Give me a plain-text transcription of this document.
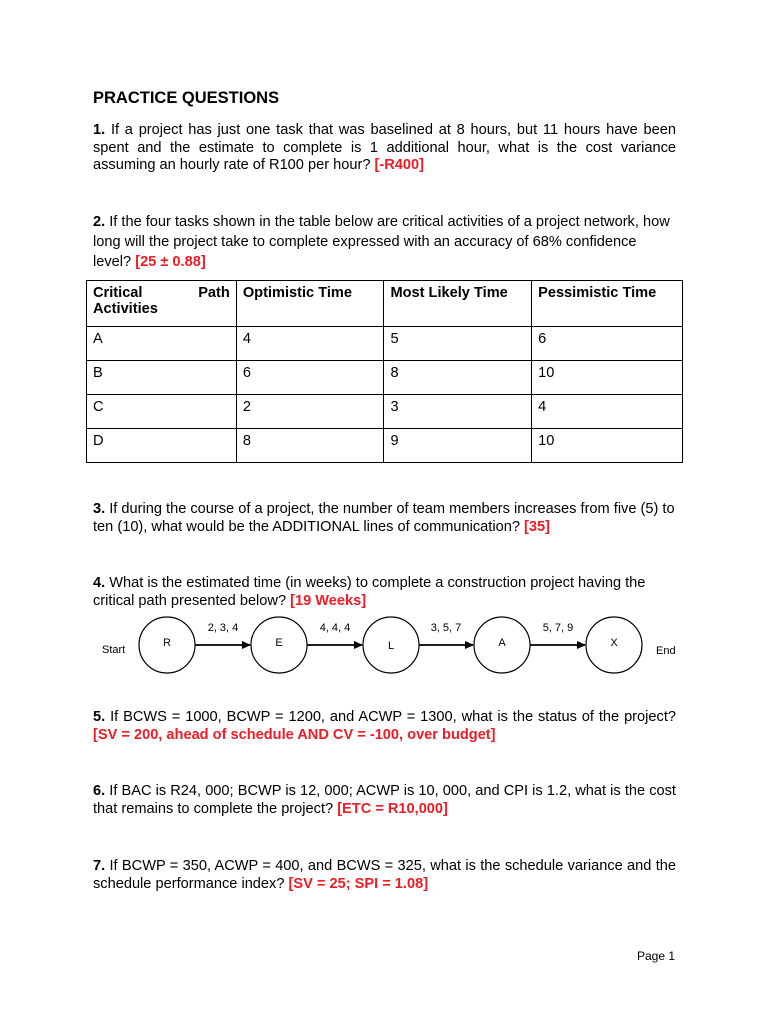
PRACTICE QUESTIONS
1. If a project has just one task that was baselined at 8 hours, but 11 hours have been spent and the estimate to complete is 1 additional hour, what is the cost variance assuming an hourly rate of R100 per hour? [-R400]
2. If the four tasks shown in the table below are critical activities of a project network, how long will the project take to complete expressed with an accuracy of 68% confidence level? [25 ± 0.88]
Critical Path
Activities	Optimistic Time	Most Likely Time	Pessimistic Time
A	4	5	6
B	6	8	10
C	2	3	4
D	8	9	10
3. If during the course of a project, the number of team members increases from five (5) to ten (10), what would be the ADDITIONAL lines of communication? [35]
4. What is the estimated time (in weeks) to complete a construction project having the critical path presented below? [19 Weeks]
Start	End
R	E	L	A	X
2, 3, 4	4, 4, 4	3, 5, 7	5, 7, 9
5. If BCWS = 1000, BCWP = 1200, and ACWP = 1300, what is the status of the project? [SV = 200, ahead of schedule AND CV = -100, over budget]
6. If BAC is R24, 000; BCWP is 12, 000; ACWP is 10, 000, and CPI is 1.2, what is the cost that remains to complete the project? [ETC = R10,000]
7. If BCWP = 350, ACWP = 400, and BCWS = 325, what is the schedule variance and the schedule performance index? [SV = 25; SPI = 1.08]
Page 1
